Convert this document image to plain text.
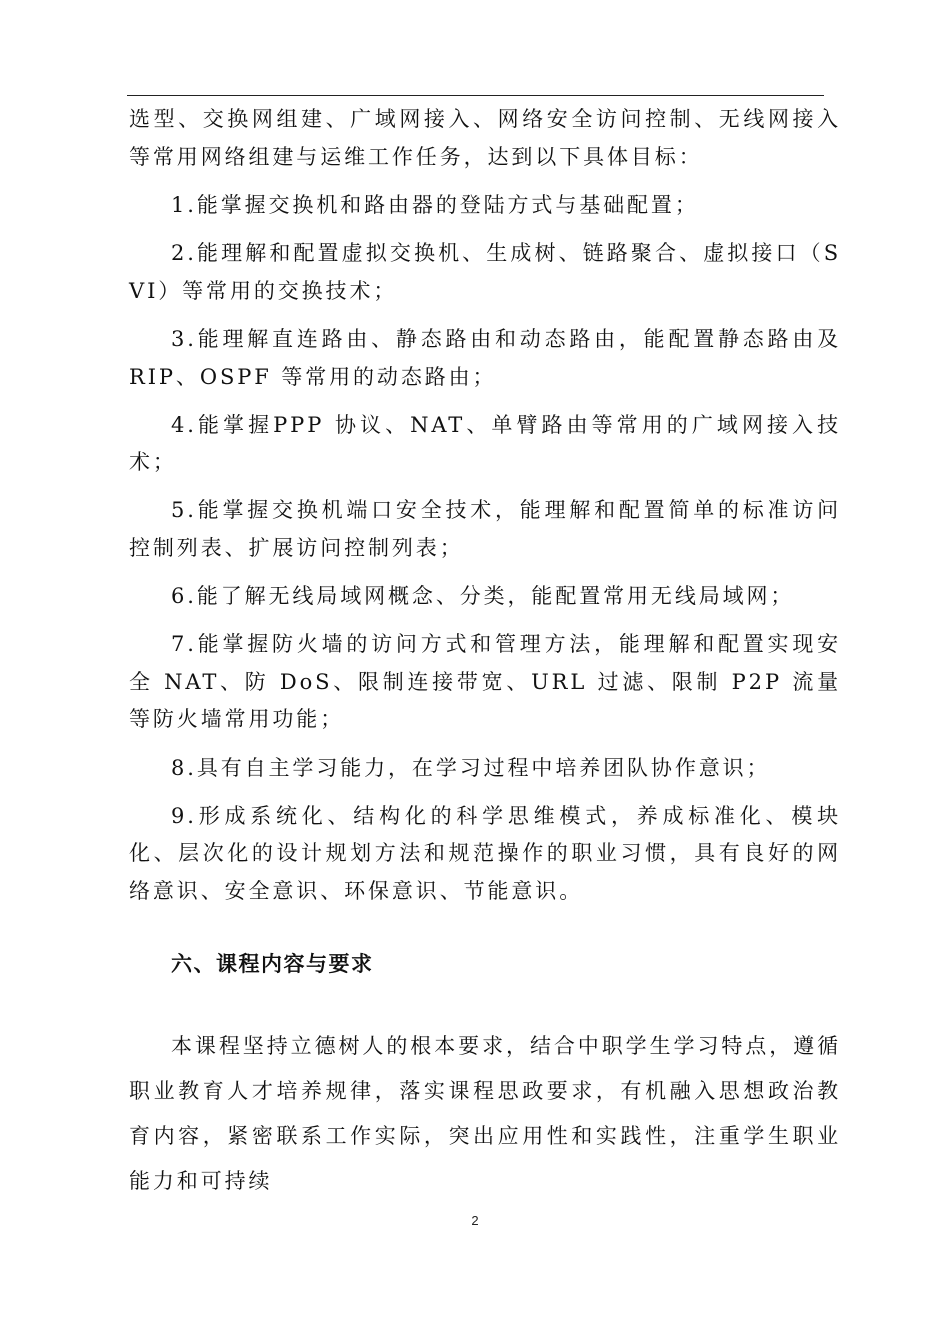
选型、交换网组建、广域网接入、网络安全访问控制、无线网接入等常用网络组建与运维工作任务，达到以下具体目标：

1.能掌握交换机和路由器的登陆方式与基础配置；

2.能理解和配置虚拟交换机、生成树、链路聚合、虚拟接口（SVI）等常用的交换技术；

3.能理解直连路由、静态路由和动态路由，能配置静态路由及 RIP、OSPF 等常用的动态路由；

4.能掌握PPP 协议、NAT、单臂路由等常用的广域网接入技术；

5.能掌握交换机端口安全技术，能理解和配置简单的标准访问控制列表、扩展访问控制列表；

6.能了解无线局域网概念、分类，能配置常用无线局域网；

7.能掌握防火墙的访问方式和管理方法，能理解和配置实现安全 NAT、防 DoS、限制连接带宽、URL 过滤、限制 P2P 流量等防火墙常用功能；

8.具有自主学习能力，在学习过程中培养团队协作意识；

9.形成系统化、结构化的科学思维模式，养成标准化、模块化、层次化的设计规划方法和规范操作的职业习惯，具有良好的网络意识、安全意识、环保意识、节能意识。

六、课程内容与要求

本课程坚持立德树人的根本要求，结合中职学生学习特点，遵循职业教育人才培养规律，落实课程思政要求，有机融入思想政治教育内容，紧密联系工作实际，突出应用性和实践性，注重学生职业能力和可持续

2
